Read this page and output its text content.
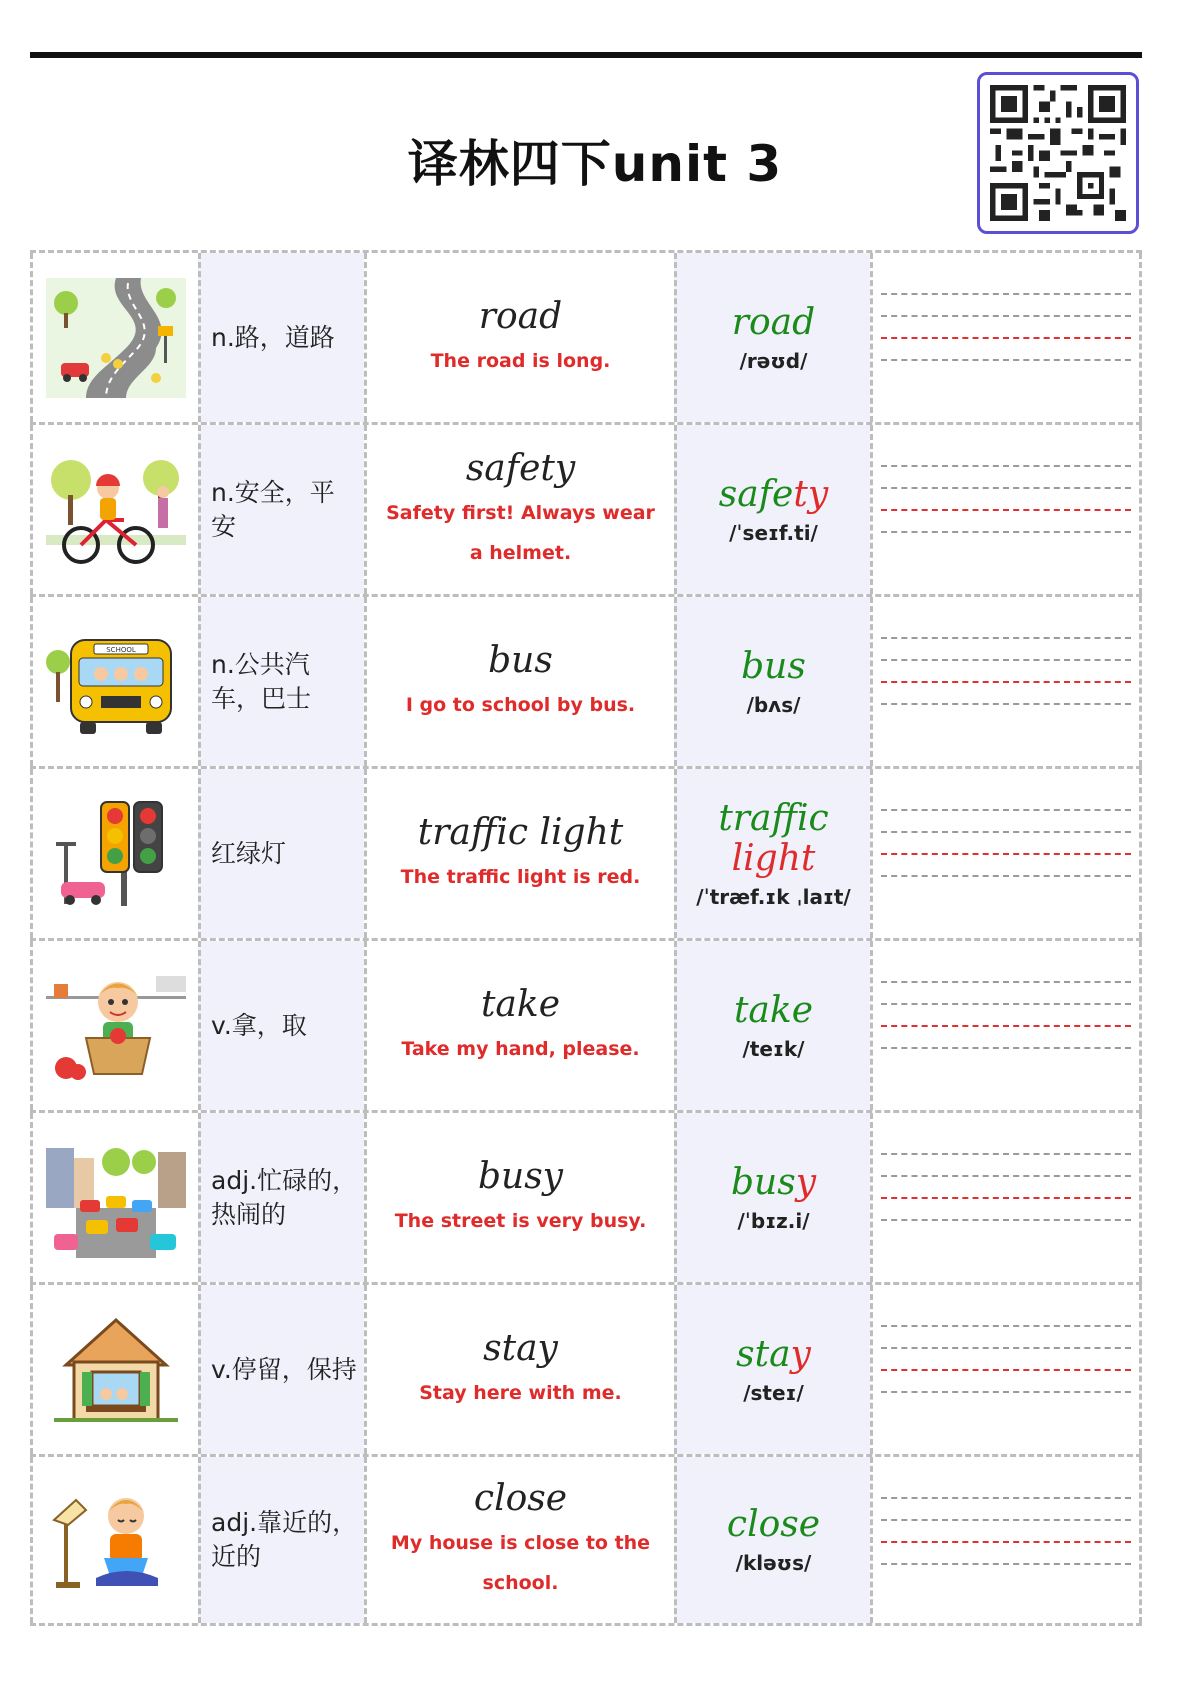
译林四下unit 3
n.路，道路
road
The road is long.
road
/rəʊd/
n.安全，平安
safety
Safety first! Always wear a helmet.
safety
/ˈseɪf.ti/
SCHOOL	n.公共汽车，巴士
bus
I go to school by bus.
bus
/bʌs/
红绿灯
traffic light
The traffic light is red.
traffic
light
/ˈtræf.ɪk ˌlaɪt/
v.拿，取
take
Take my hand, please.
take
/teɪk/
adj.忙碌的，热闹的
busy
The street is very busy.
busy
/ˈbɪz.i/
v.停留，保持
stay
Stay here with me.
stay
/steɪ/
adj.靠近的，近的
close
My house is close to the school.
close
/kləʊs/
